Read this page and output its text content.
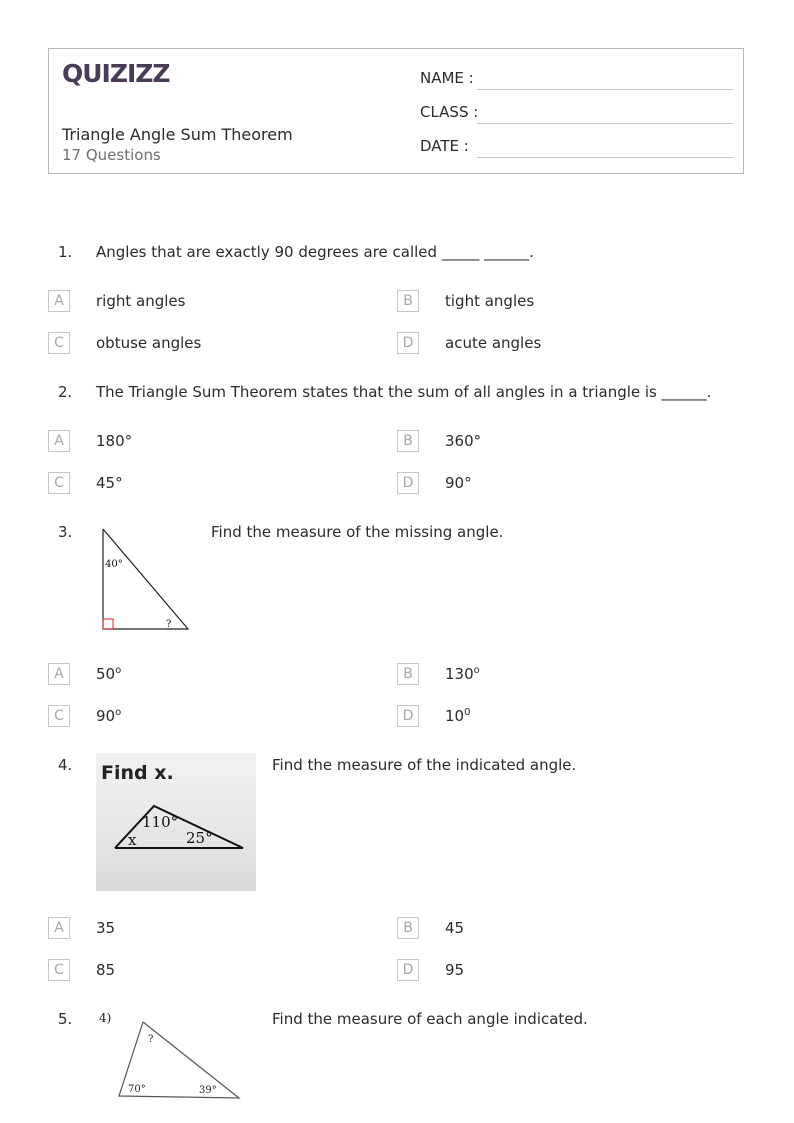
QUIZIZZ
Triangle Angle Sum Theorem
17 Questions
NAME :
CLASS :
DATE :
1. Angles that are exactly 90 degrees are called _____ ______.
A	right angles	B	tight angles
C	obtuse angles	D	acute angles
2. The Triangle Sum Theorem states that the sum of all angles in a triangle is ______.
A	180°	B	360°
C	45°	D	90°
3.
40°
?
Find the measure of the missing angle.
A	50$^o$	B	130$^o$
C	90$^o$	D	$10^0$
4. Find x.
110°
25°
x
Find the measure of the indicated angle.
A	35	B	45
C	85	D	95
5. 4)
?
70°	39°
Find the measure of each angle indicated.
